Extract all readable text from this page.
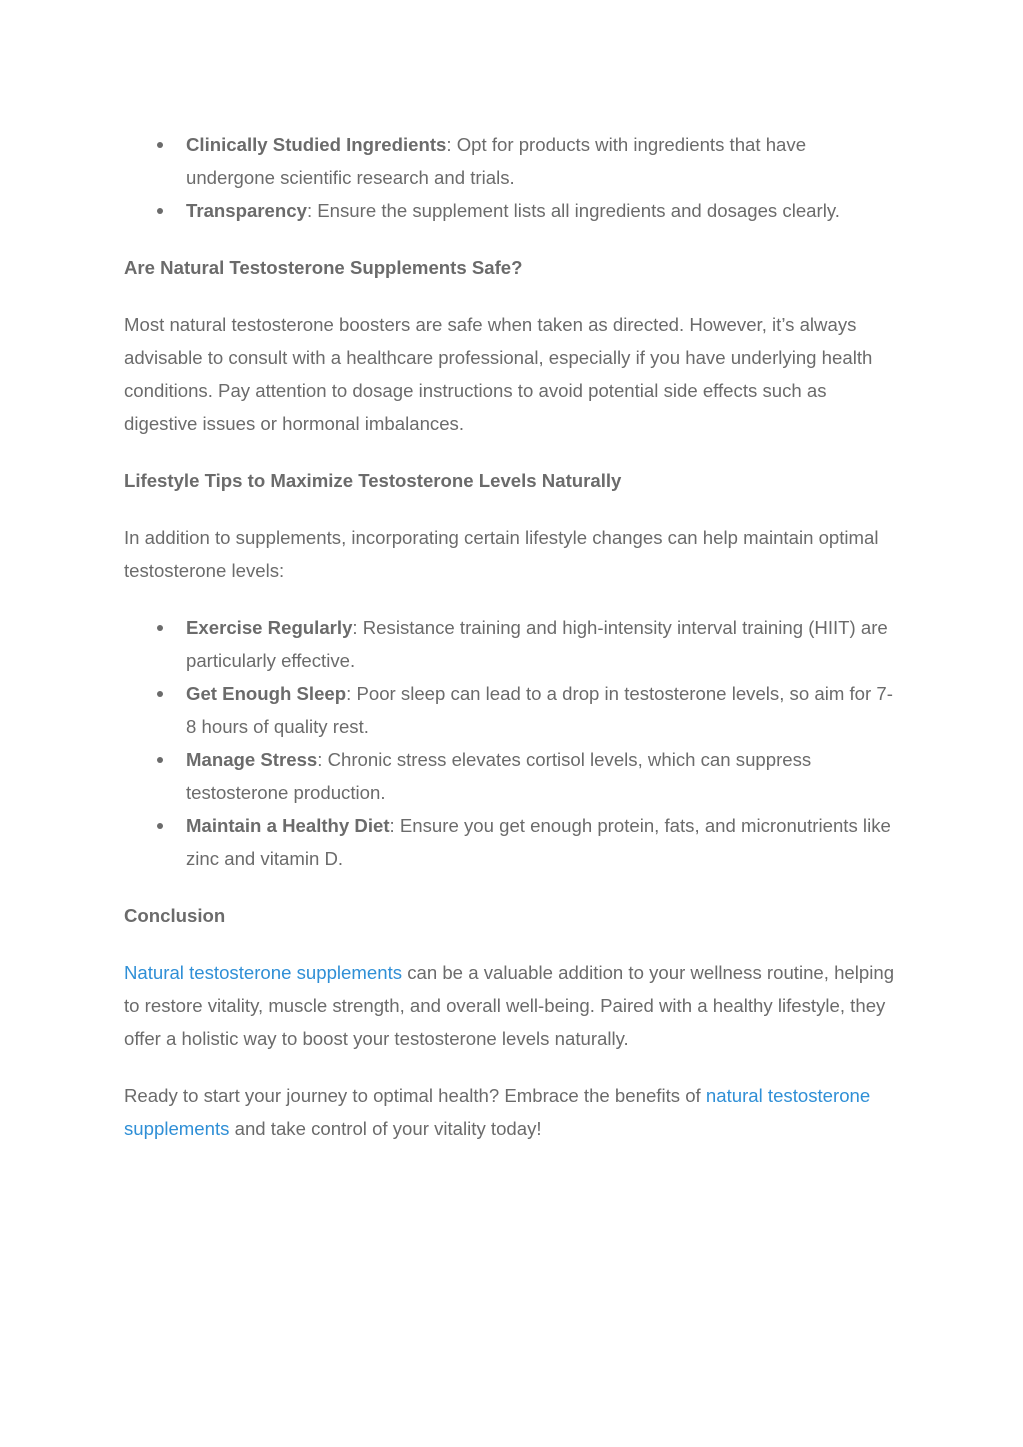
Clinically Studied Ingredients: Opt for products with ingredients that have undergone scientific research and trials.
Transparency: Ensure the supplement lists all ingredients and dosages clearly.
Are Natural Testosterone Supplements Safe?

Most natural testosterone boosters are safe when taken as directed. However, it’s always advisable to consult with a healthcare professional, especially if you have underlying health conditions. Pay attention to dosage instructions to avoid potential side effects such as digestive issues or hormonal imbalances.

Lifestyle Tips to Maximize Testosterone Levels Naturally

In addition to supplements, incorporating certain lifestyle changes can help maintain optimal testosterone levels:

Exercise Regularly: Resistance training and high-intensity interval training (HIIT) are particularly effective.
Get Enough Sleep: Poor sleep can lead to a drop in testosterone levels, so aim for 7-8 hours of quality rest.
Manage Stress: Chronic stress elevates cortisol levels, which can suppress testosterone production.
Maintain a Healthy Diet: Ensure you get enough protein, fats, and micronutrients like zinc and vitamin D.
Conclusion

Natural testosterone supplements can be a valuable addition to your wellness routine, helping to restore vitality, muscle strength, and overall well-being. Paired with a healthy lifestyle, they offer a holistic way to boost your testosterone levels naturally.

Ready to start your journey to optimal health? Embrace the benefits of natural testosterone supplements and take control of your vitality today!
